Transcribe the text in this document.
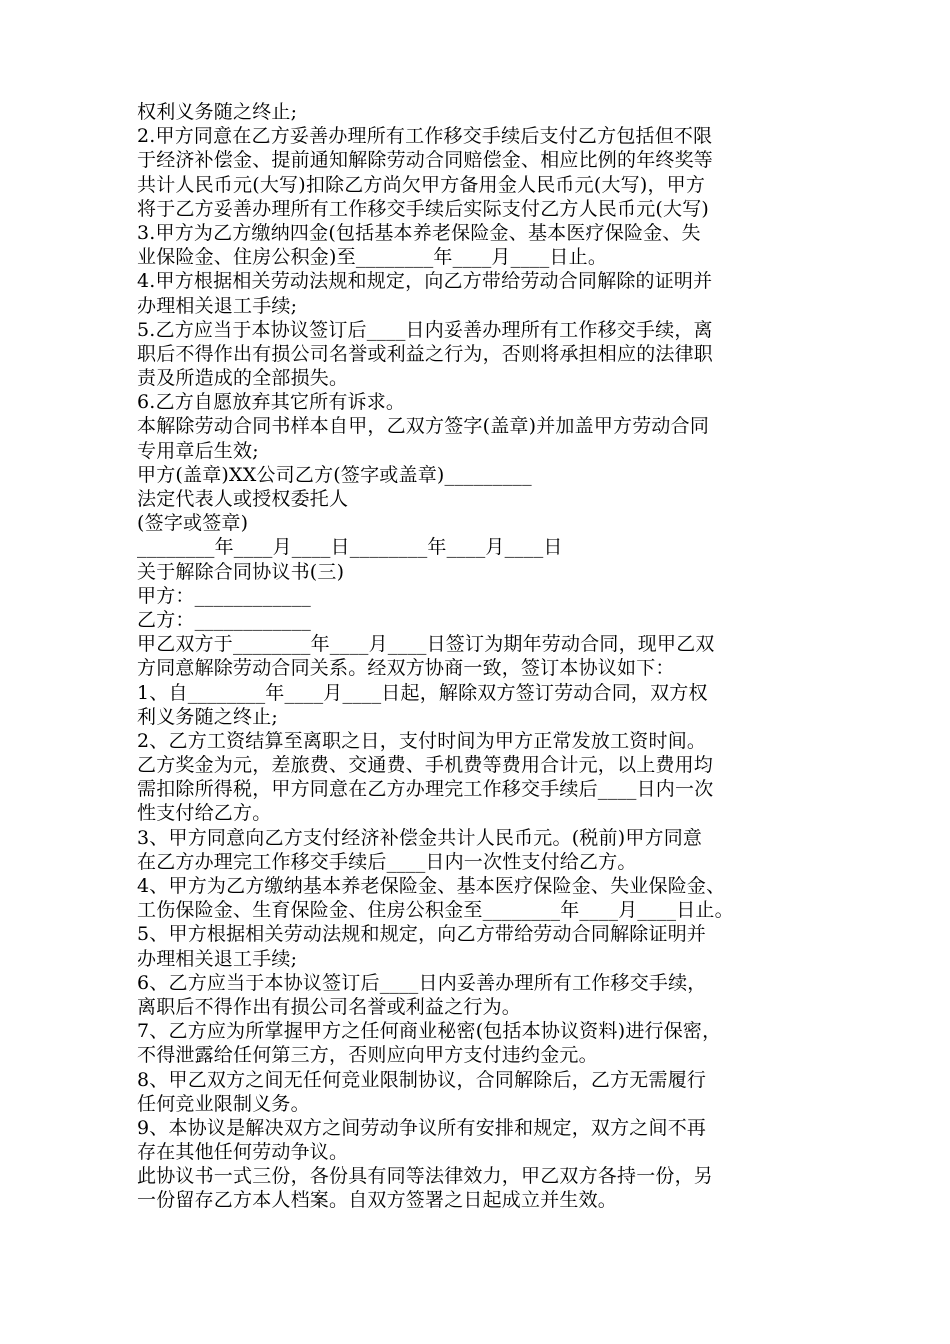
权利义务随之终止;
2.甲方同意在乙方妥善办理所有工作移交手续后支付乙方包括但不限
于经济补偿金、提前通知解除劳动合同赔偿金、相应比例的年终奖等
共计人民币元(大写)扣除乙方尚欠甲方备用金人民币元(大写)，甲方
将于乙方妥善办理所有工作移交手续后实际支付乙方人民币元(大写)
3.甲方为乙方缴纳四金(包括基本养老保险金、基本医疗保险金、失
业保险金、住房公积金)至________年____月____日止。
4.甲方根据相关劳动法规和规定，向乙方带给劳动合同解除的证明并
办理相关退工手续;
5.乙方应当于本协议签订后____日内妥善办理所有工作移交手续，离
职后不得作出有损公司名誉或利益之行为，否则将承担相应的法律职
责及所造成的全部损失。
6.乙方自愿放弃其它所有诉求。
本解除劳动合同书样本自甲，乙双方签字(盖章)并加盖甲方劳动合同
专用章后生效;
甲方(盖章)XX公司乙方(签字或盖章)_________
法定代表人或授权委托人
(签字或签章)
________年____月____日________年____月____日
关于解除合同协议书(三)
甲方：____________
乙方：____________
甲乙双方于________年____月____日签订为期年劳动合同，现甲乙双
方同意解除劳动合同关系。经双方协商一致，签订本协议如下：
1、自________年____月____日起，解除双方签订劳动合同，双方权
利义务随之终止;
2、乙方工资结算至离职之日，支付时间为甲方正常发放工资时间。
乙方奖金为元，差旅费、交通费、手机费等费用合计元，以上费用均
需扣除所得税，甲方同意在乙方办理完工作移交手续后____日内一次
性支付给乙方。
3、甲方同意向乙方支付经济补偿金共计人民币元。(税前)甲方同意
在乙方办理完工作移交手续后____日内一次性支付给乙方。
4、甲方为乙方缴纳基本养老保险金、基本医疗保险金、失业保险金、
工伤保险金、生育保险金、住房公积金至________年____月____日止。
5、甲方根据相关劳动法规和规定，向乙方带给劳动合同解除证明并
办理相关退工手续;
6、乙方应当于本协议签订后____日内妥善办理所有工作移交手续，
离职后不得作出有损公司名誉或利益之行为。
7、乙方应为所掌握甲方之任何商业秘密(包括本协议资料)进行保密，
不得泄露给任何第三方，否则应向甲方支付违约金元。
8、甲乙双方之间无任何竞业限制协议，合同解除后，乙方无需履行
任何竞业限制义务。
9、本协议是解决双方之间劳动争议所有安排和规定，双方之间不再
存在其他任何劳动争议。
此协议书一式三份，各份具有同等法律效力，甲乙双方各持一份，另
一份留存乙方本人档案。自双方签署之日起成立并生效。
